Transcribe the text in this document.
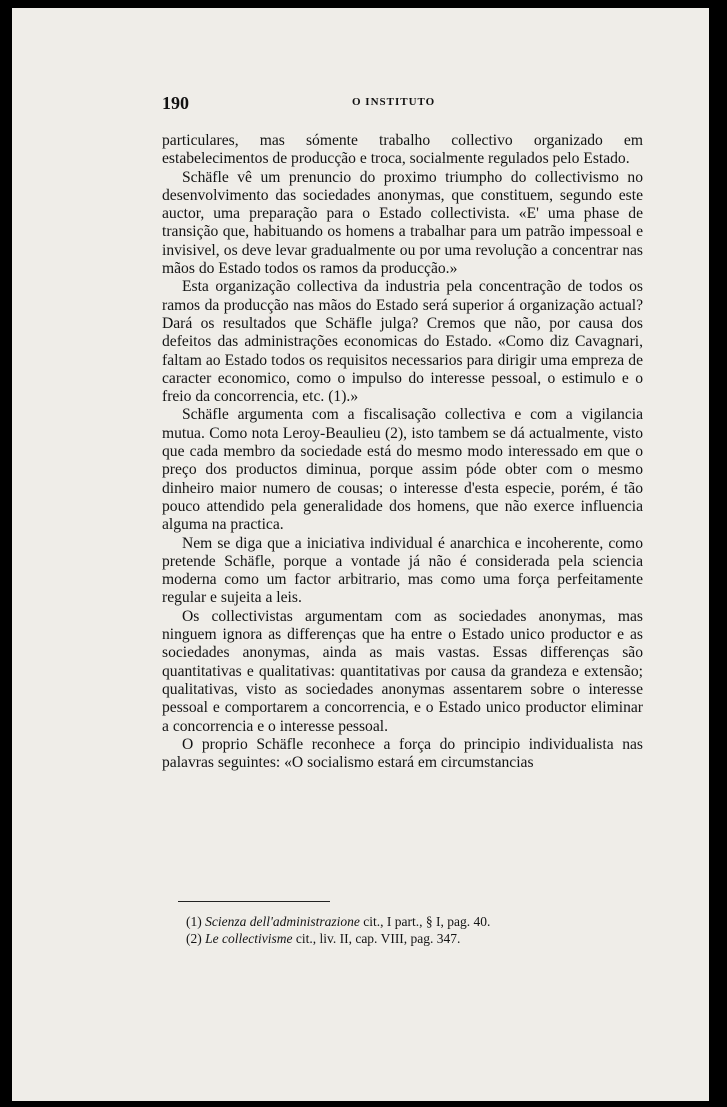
190	O INSTITUTO

particulares, mas sómente trabalho collectivo organizado em estabelecimentos de producção e troca, socialmente regulados pelo Estado.

Schäfle vê um prenuncio do proximo triumpho do collectivismo no desenvolvimento das sociedades anonymas, que constituem, segundo este auctor, uma preparação para o Estado collectivista. «E' uma phase de transição que, habituando os homens a trabalhar para um patrão impessoal e invisivel, os deve levar gradualmente ou por uma revolução a concentrar nas mãos do Estado todos os ramos da producção.»

Esta organização collectiva da industria pela concentração de todos os ramos da producção nas mãos do Estado será superior á organização actual? Dará os resultados que Schäfle julga? Cremos que não, por causa dos defeitos das administrações economicas do Estado. «Como diz Cavagnari, faltam ao Estado todos os requisitos necessarios para dirigir uma empreza de caracter economico, como o impulso do interesse pessoal, o estimulo e o freio da concorrencia, etc. (1).»

Schäfle argumenta com a fiscalisação collectiva e com a vigilancia mutua. Como nota Leroy-Beaulieu (2), isto tambem se dá actualmente, visto que cada membro da sociedade está do mesmo modo interessado em que o preço dos productos diminua, porque assim póde obter com o mesmo dinheiro maior numero de cousas; o interesse d'esta especie, porém, é tão pouco attendido pela generalidade dos homens, que não exerce influencia alguma na practica.

Nem se diga que a iniciativa individual é anarchica e incoherente, como pretende Schäfle, porque a vontade já não é considerada pela sciencia moderna como um factor arbitrario, mas como uma força perfeitamente regular e sujeita a leis.

Os collectivistas argumentam com as sociedades anonymas, mas ninguem ignora as differenças que ha entre o Estado unico productor e as sociedades anonymas, ainda as mais vastas. Essas differenças são quantitativas e qualitativas: quantitativas por causa da grandeza e extensão; qualitativas, visto as sociedades anonymas assentarem sobre o interesse pessoal e comportarem a concorrencia, e o Estado unico productor eliminar a concorrencia e o interesse pessoal.

O proprio Schäfle reconhece a força do principio individualista nas palavras seguintes: «O socialismo estará em circumstancias

(1) Scienza dell'administrazione cit., I part., § I, pag. 40.
(2) Le collectivisme cit., liv. II, cap. VIII, pag. 347.
